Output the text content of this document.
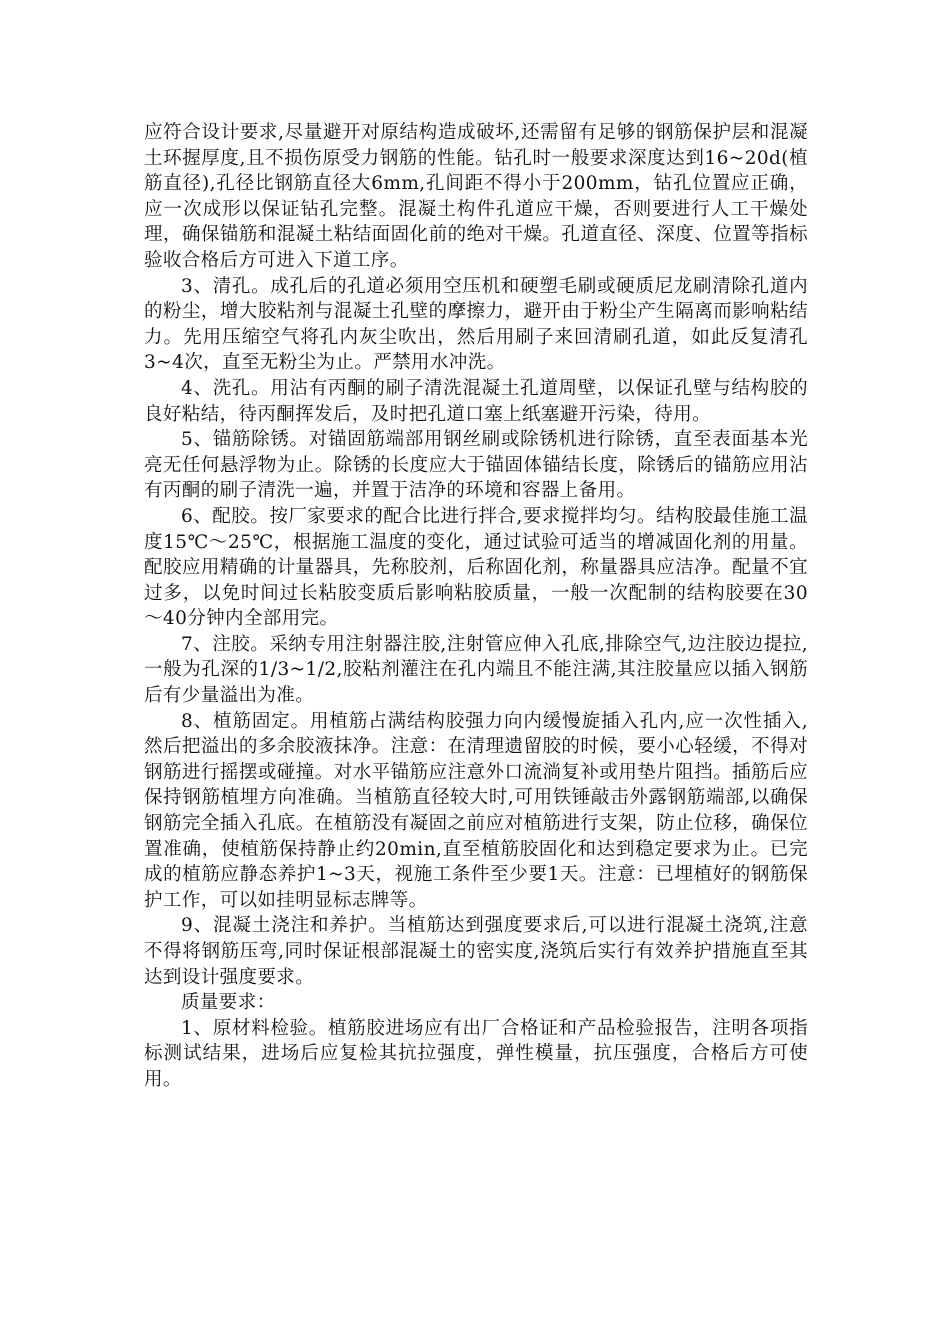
应符合设计要求,尽量避开对原结构造成破坏,还需留有足够的钢筋保护层和混凝土环握厚度,且不损伤原受力钢筋的性能。钻孔时一般要求深度达到16~20d(植筋直径),孔径比钢筋直径大6mm,孔间距不得小于200mm，钻孔位置应正确，应一次成形以保证钻孔完整。混凝土构件孔道应干燥，否则要进行人工干燥处理，确保锚筋和混凝土粘结面固化前的绝对干燥。孔道直径、深度、位置等指标验收合格后方可进入下道工序。

3、清孔。成孔后的孔道必须用空压机和硬塑毛刷或硬质尼龙刷清除孔道内的粉尘，增大胶粘剂与混凝土孔壁的摩擦力，避开由于粉尘产生隔离而影响粘结力。先用压缩空气将孔内灰尘吹出，然后用刷子来回清刷孔道，如此反复清孔3~4次，直至无粉尘为止。严禁用水冲洗。

4、洗孔。用沾有丙酮的刷子清洗混凝土孔道周壁，以保证孔壁与结构胶的良好粘结，待丙酮挥发后，及时把孔道口塞上纸塞避开污染，待用。

5、锚筋除锈。对锚固筋端部用钢丝刷或除锈机进行除锈，直至表面基本光亮无任何悬浮物为止。除锈的长度应大于锚固体锚结长度，除锈后的锚筋应用沾有丙酮的刷子清洗一遍，并置于洁净的环境和容器上备用。

6、配胶。按厂家要求的配合比进行拌合,要求搅拌均匀。结构胶最佳施工温度15℃～25℃，根据施工温度的变化，通过试验可适当的增减固化剂的用量。配胶应用精确的计量器具，先称胶剂，后称固化剂，称量器具应洁净。配量不宜过多，以免时间过长粘胶变质后影响粘胶质量，一般一次配制的结构胶要在30～40分钟内全部用完。

7、注胶。采纳专用注射器注胶,注射管应伸入孔底,排除空气,边注胶边提拉,一般为孔深的1/3~1/2,胶粘剂灌注在孔内端且不能注满,其注胶量应以插入钢筋后有少量溢出为准。

8、植筋固定。用植筋占满结构胶强力向内缓慢旋插入孔内,应一次性插入,然后把溢出的多余胶液抹净。注意：在清理遗留胶的时候，要小心轻缓，不得对钢筋进行摇摆或碰撞。对水平锚筋应注意外口流淌复补或用垫片阻挡。插筋后应保持钢筋植埋方向准确。当植筋直径较大时,可用铁锤敲击外露钢筋端部,以确保钢筋完全插入孔底。在植筋没有凝固之前应对植筋进行支架，防止位移，确保位置准确，使植筋保持静止约20min,直至植筋胶固化和达到稳定要求为止。已完成的植筋应静态养护1~3天，视施工条件至少要1天。注意：已埋植好的钢筋保护工作，可以如挂明显标志牌等。

9、混凝土浇注和养护。当植筋达到强度要求后,可以进行混凝土浇筑,注意不得将钢筋压弯,同时保证根部混凝土的密实度,浇筑后实行有效养护措施直至其达到设计强度要求。

质量要求：

1、原材料检验。植筋胶进场应有出厂合格证和产品检验报告，注明各项指标测试结果，进场后应复检其抗拉强度，弹性模量，抗压强度，合格后方可使用。
